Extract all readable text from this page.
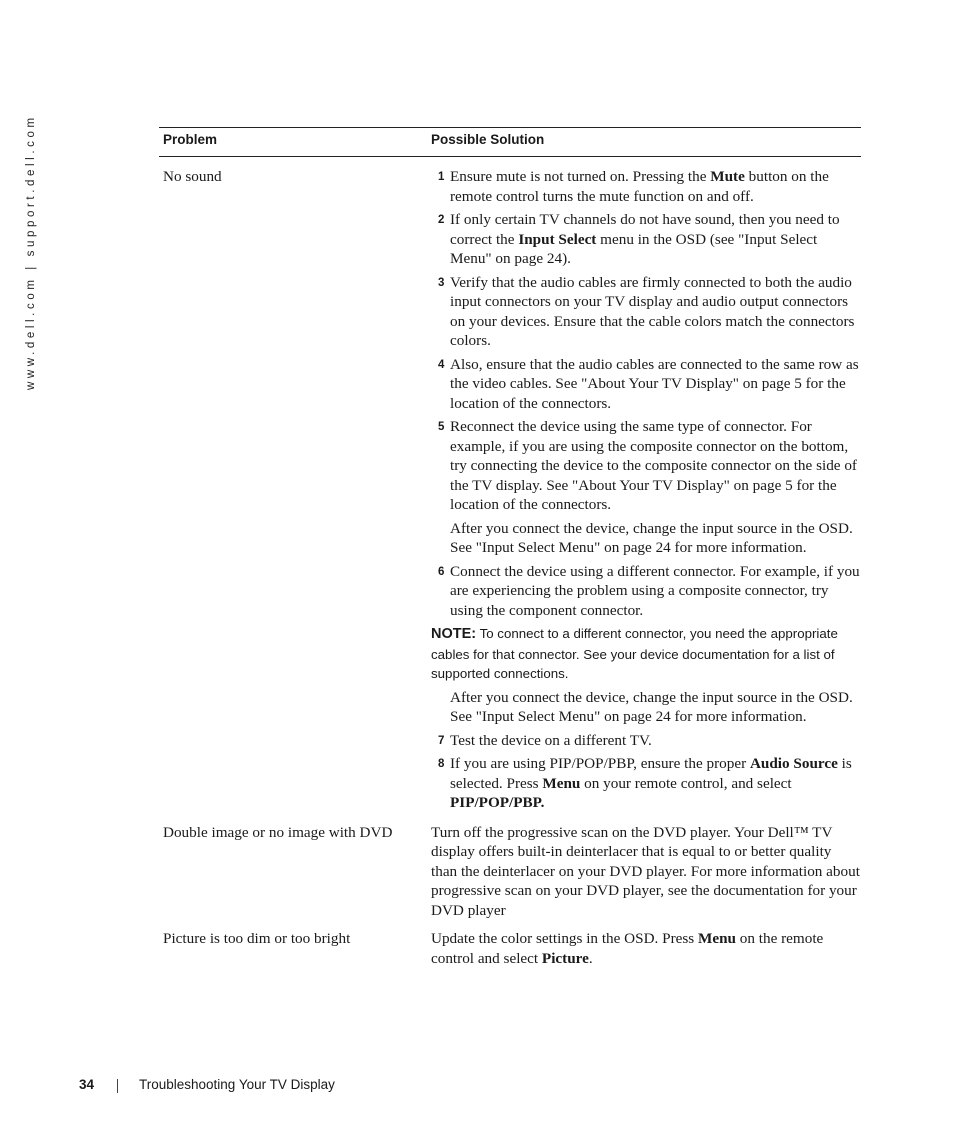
www.dell.com | support.dell.com	Problem	Possible Solution
No sound	1 Ensure mute is not turned on. Pressing the Mute button on the remote control turns the mute function on and off.
2 If only certain TV channels do not have sound, then you need to correct the Input Select menu in the OSD (see "Input Select Menu" on page 24).
3 Verify that the audio cables are firmly connected to both the audio input connectors on your TV display and audio output connectors on your devices. Ensure that the cable colors match the connectors colors.
4 Also, ensure that the audio cables are connected to the same row as the video cables. See "About Your TV Display" on page 5 for the location of the connectors.
5 Reconnect the device using the same type of connector. For example, if you are using the composite connector on the bottom, try connecting the device to the composite connector on the side of the TV display. See "About Your TV Display" on page 5 for the location of the connectors.
After you connect the device, change the input source in the OSD. See "Input Select Menu" on page 24 for more information.
6 Connect the device using a different connector. For example, if you are experiencing the problem using a composite connector, try using the component connector.
NOTE: To connect to a different connector, you need the appropriate cables for that connector. See your device documentation for a list of supported connections.
After you connect the device, change the input source in the OSD. See "Input Select Menu" on page 24 for more information.
7 Test the device on a different TV.
8 If you are using PIP/POP/PBP, ensure the proper Audio Source is selected. Press Menu on your remote control, and select PIP/POP/PBP.
Double image or no image with DVD	Turn off the progressive scan on the DVD player. Your Dell™ TV display offers built-in deinterlacer that is equal to or better quality than the deinterlacer on your DVD player. For more information about progressive scan on your DVD player, see the documentation for your DVD player
Picture is too dim or too bright	Update the color settings in the OSD. Press Menu on the remote control and select Picture.
34	Troubleshooting Your TV Display
